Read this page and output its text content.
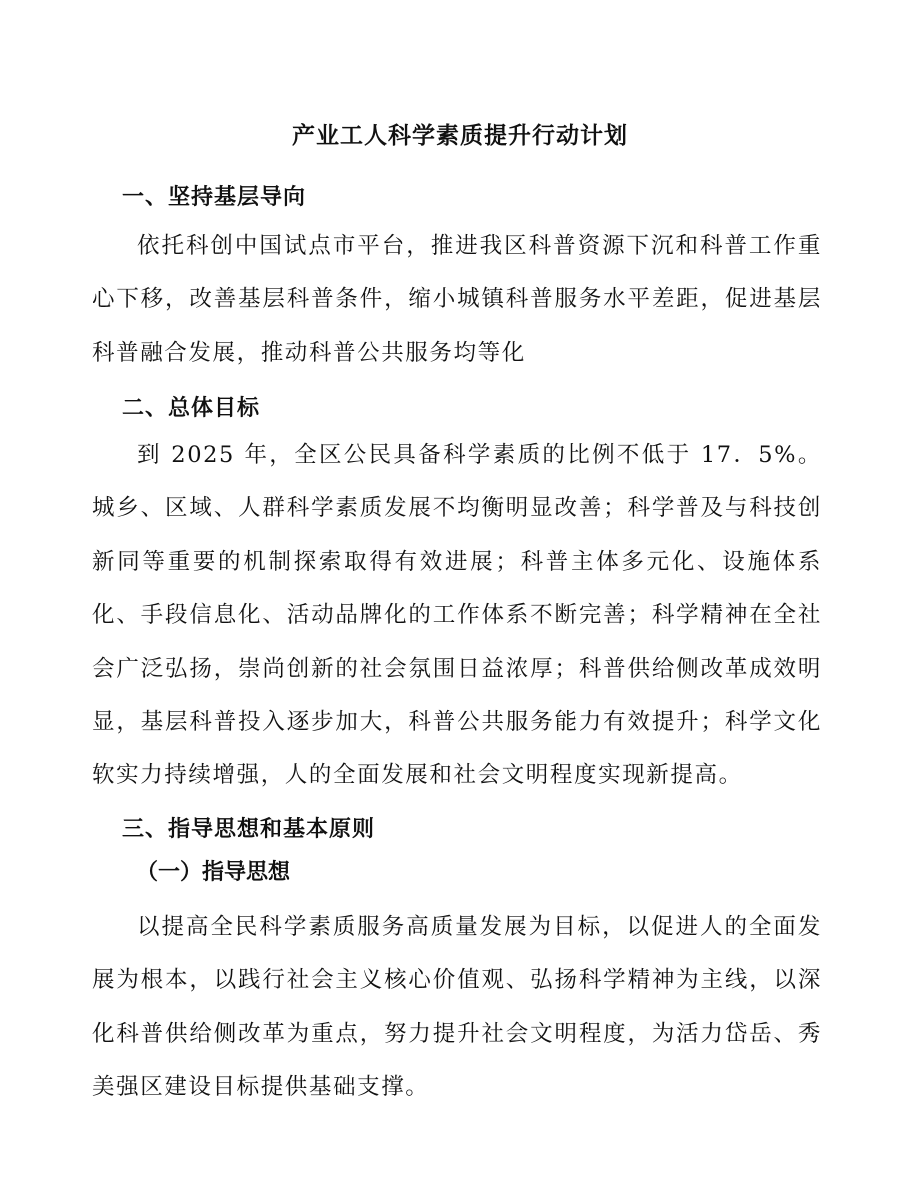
产业工人科学素质提升行动计划
一、坚持基层导向

依托科创中国试点市平台，推进我区科普资源下沉和科普工作重心下移，改善基层科普条件，缩小城镇科普服务水平差距，促进基层科普融合发展，推动科普公共服务均等化

二、总体目标

到 2025 年，全区公民具备科学素质的比例不低于 17．5%。城乡、区域、人群科学素质发展不均衡明显改善；科学普及与科技创新同等重要的机制探索取得有效进展；科普主体多元化、设施体系化、手段信息化、活动品牌化的工作体系不断完善；科学精神在全社会广泛弘扬，崇尚创新的社会氛围日益浓厚；科普供给侧改革成效明显，基层科普投入逐步加大，科普公共服务能力有效提升；科学文化软实力持续增强，人的全面发展和社会文明程度实现新提高。

三、指导思想和基本原则
（一）指导思想

以提高全民科学素质服务高质量发展为目标，以促进人的全面发展为根本，以践行社会主义核心价值观、弘扬科学精神为主线，以深化科普供给侧改革为重点，努力提升社会文明程度，为活力岱岳、秀美强区建设目标提供基础支撑。
